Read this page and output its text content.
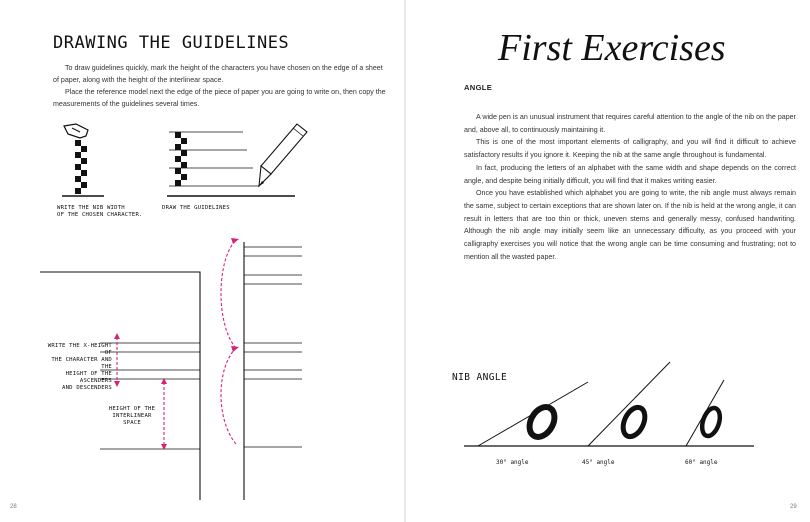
DRAWING THE GUIDELINES

To draw guidelines quickly, mark the height of the characters you have chosen on the edge of a sheet of paper, along with the height of the interlinear space.

Place the reference model next the edge of the piece of paper you are going to write on, then copy the measurements of the guidelines several times.

WRITE THE NIB WIDTH
OF THE CHOSEN CHARACTER.
DRAW THE GUIDELINES
WRITE THE X-HEIGHT OF
THE CHARACTER AND THE
HEIGHT OF THE ASCENDERS
AND DESCENDERS
HEIGHT OF THE
INTERLINEAR SPACE
28
First Exercises
ANGLE

A wide pen is an unusual instrument that requires careful attention to the angle of the nib on the paper and, above all, to continuously maintaining it.

This is one of the most important elements of calligraphy, and you will find it difficult to achieve satisfactory results if you ignore it. Keeping the nib at the same angle throughout is fundamental.

In fact, producing the letters of an alphabet with the same width and shape depends on the correct angle, and despite being initially difficult, you will find that it makes writing easier.

Once you have established which alphabet you are going to write, the nib angle must always remain the same, subject to certain exceptions that are shown later on. If the nib is held at the wrong angle, it can result in letters that are too thin or thick, uneven stems and generally messy, confused handwriting. Although the nib angle may initially seem like an unnecessary difficulty, as you proceed with your calligraphy exercises you will notice that the wrong angle can be time consuming and frustrating; not to mention all the wasted paper.

29
NIB ANGLE
30° angle	45° angle	60° angle
